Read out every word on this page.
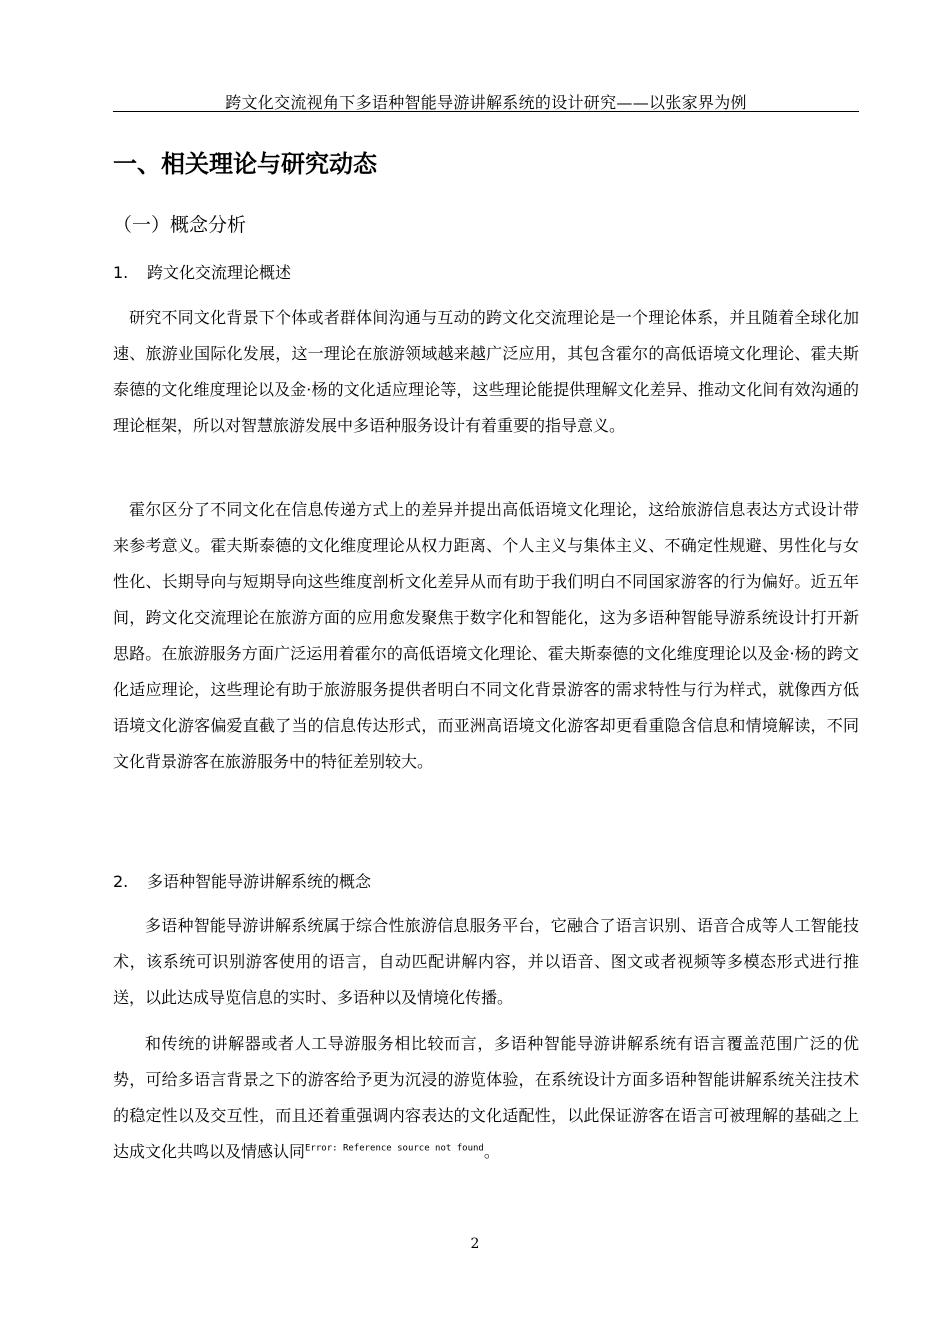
跨文化交流视角下多语种智能导游讲解系统的设计研究——以张家界为例
一、相关理论与研究动态
（一）概念分析
1. 跨文化交流理论概述

研究不同文化背景下个体或者群体间沟通与互动的跨文化交流理论是一个理论体系，并且随着全球化加速、旅游业国际化发展，这一理论在旅游领域越来越广泛应用，其包含霍尔的高低语境文化理论、霍夫斯泰德的文化维度理论以及金·杨的文化适应理论等，这些理论能提供理解文化差异、推动文化间有效沟通的理论框架，所以对智慧旅游发展中多语种服务设计有着重要的指导意义。

霍尔区分了不同文化在信息传递方式上的差异并提出高低语境文化理论，这给旅游信息表达方式设计带来参考意义。霍夫斯泰德的文化维度理论从权力距离、个人主义与集体主义、不确定性规避、男性化与女性化、长期导向与短期导向这些维度剖析文化差异从而有助于我们明白不同国家游客的行为偏好。近五年间，跨文化交流理论在旅游方面的应用愈发聚焦于数字化和智能化，这为多语种智能导游系统设计打开新思路。在旅游服务方面广泛运用着霍尔的高低语境文化理论、霍夫斯泰德的文化维度理论以及金·杨的跨文化适应理论，这些理论有助于旅游服务提供者明白不同文化背景游客的需求特性与行为样式，就像西方低语境文化游客偏爱直截了当的信息传达形式，而亚洲高语境文化游客却更看重隐含信息和情境解读，不同文化背景游客在旅游服务中的特征差别较大。

2. 多语种智能导游讲解系统的概念

多语种智能导游讲解系统属于综合性旅游信息服务平台，它融合了语言识别、语音合成等人工智能技术，该系统可识别游客使用的语言，自动匹配讲解内容，并以语音、图文或者视频等多模态形式进行推送，以此达成导览信息的实时、多语种以及情境化传播。

和传统的讲解器或者人工导游服务相比较而言，多语种智能导游讲解系统有语言覆盖范围广泛的优势，可给多语言背景之下的游客给予更为沉浸的游览体验，在系统设计方面多语种智能讲解系统关注技术的稳定性以及交互性，而且还着重强调内容表达的文化适配性，以此保证游客在语言可被理解的基础之上达成文化共鸣以及情感认同$^{Error: Reference source not found}$。

2
